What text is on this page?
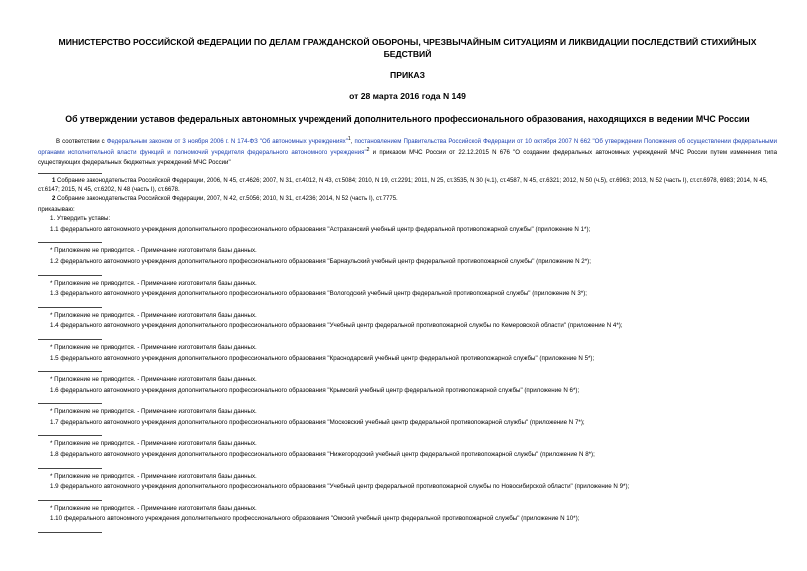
МИНИСТЕРСТВО РОССИЙСКОЙ ФЕДЕРАЦИИ ПО ДЕЛАМ ГРАЖДАНСКОЙ ОБОРОНЫ, ЧРЕЗВЫЧАЙНЫМ СИТУАЦИЯМ И ЛИКВИДАЦИИ ПОСЛЕДСТВИЙ СТИХИЙНЫХ БЕДСТВИЙ

ПРИКАЗ

от 28 марта 2016 года N 149

Об утверждении уставов федеральных автономных учреждений дополнительного профессионального образования, находящихся в ведении МЧС России

В соответствии с Федеральным законом от 3 ноября 2006 г. N 174-ФЗ "Об автономных учреждениях"$^1$, постановлением Правительства Российской Федерации от 10 октября 2007 N 662 "Об утверждении Положения об осуществлении федеральными органами исполнительной власти функций и полномочий учредителя федерального автономного учреждения"$^2$ и приказом МЧС России от 22.12.2015 N 676 "О создании федеральных автономных учреждений МЧС России путем изменения типа существующих федеральных бюджетных учреждений МЧС России"
1 Собрание законодательства Российской Федерации, 2006, N 45, ст.4626; 2007, N 31, ст.4012, N 43, ст.5084; 2010, N 19, ст.2291; 2011, N 25, ст.3535, N 30 (ч.1), ст.4587, N 45, ст.6321; 2012, N 50 (ч.5), ст.6963; 2013, N 52 (часть I), ст.ст.6978, 6983; 2014, N 45, ст.6147; 2015, N 45, ст.6202, N 48 (часть I), ст.6678.
2 Собрание законодательства Российской Федерации, 2007, N 42, ст.5056; 2010, N 31, ст.4236; 2014, N 52 (часть I), ст.7775.
приказываю:
1. Утвердить уставы:
1.1 федерального автономного учреждения дополнительного профессионального образования "Астраханский учебный центр федеральной противопожарной службы" (приложение N 1*);
* Приложение не приводится. - Примечание изготовителя базы данных.
1.2 федерального автономного учреждения дополнительного профессионального образования "Барнаульский учебный центр федеральной противопожарной службы" (приложение N 2*);
* Приложение не приводится. - Примечание изготовителя базы данных.
1.3 федерального автономного учреждения дополнительного профессионального образования "Вологодский учебный центр федеральной противопожарной службы" (приложение N 3*);
* Приложение не приводится. - Примечание изготовителя базы данных.
1.4 федерального автономного учреждения дополнительного профессионального образования "Учебный центр федеральной противопожарной службы по Кемеровской области" (приложение N 4*);
* Приложение не приводится. - Примечание изготовителя базы данных.
1.5 федерального автономного учреждения дополнительного профессионального образования "Краснодарский учебный центр федеральной противопожарной службы" (приложение N 5*);
* Приложение не приводится. - Примечание изготовителя базы данных.
1.6 федерального автономного учреждения дополнительного профессионального образования "Крымский учебный центр федеральной противопожарной службы" (приложение N 6*);
* Приложение не приводится. - Примечание изготовителя базы данных.
1.7 федерального автономного учреждения дополнительного профессионального образования "Московский учебный центр федеральной противопожарной службы" (приложение N 7*);
* Приложение не приводится. - Примечание изготовителя базы данных.
1.8 федерального автономного учреждения дополнительного профессионального образования "Нижегородский учебный центр федеральной противопожарной службы" (приложение N 8*);
* Приложение не приводится. - Примечание изготовителя базы данных.
1.9 федерального автономного учреждения дополнительного профессионального образования "Учебный центр федеральной противопожарной службы по Новосибирской области" (приложение N 9*);
* Приложение не приводится. - Примечание изготовителя базы данных.
1.10 федерального автономного учреждения дополнительного профессионального образования "Омский учебный центр федеральной противопожарной службы" (приложение N 10*);
